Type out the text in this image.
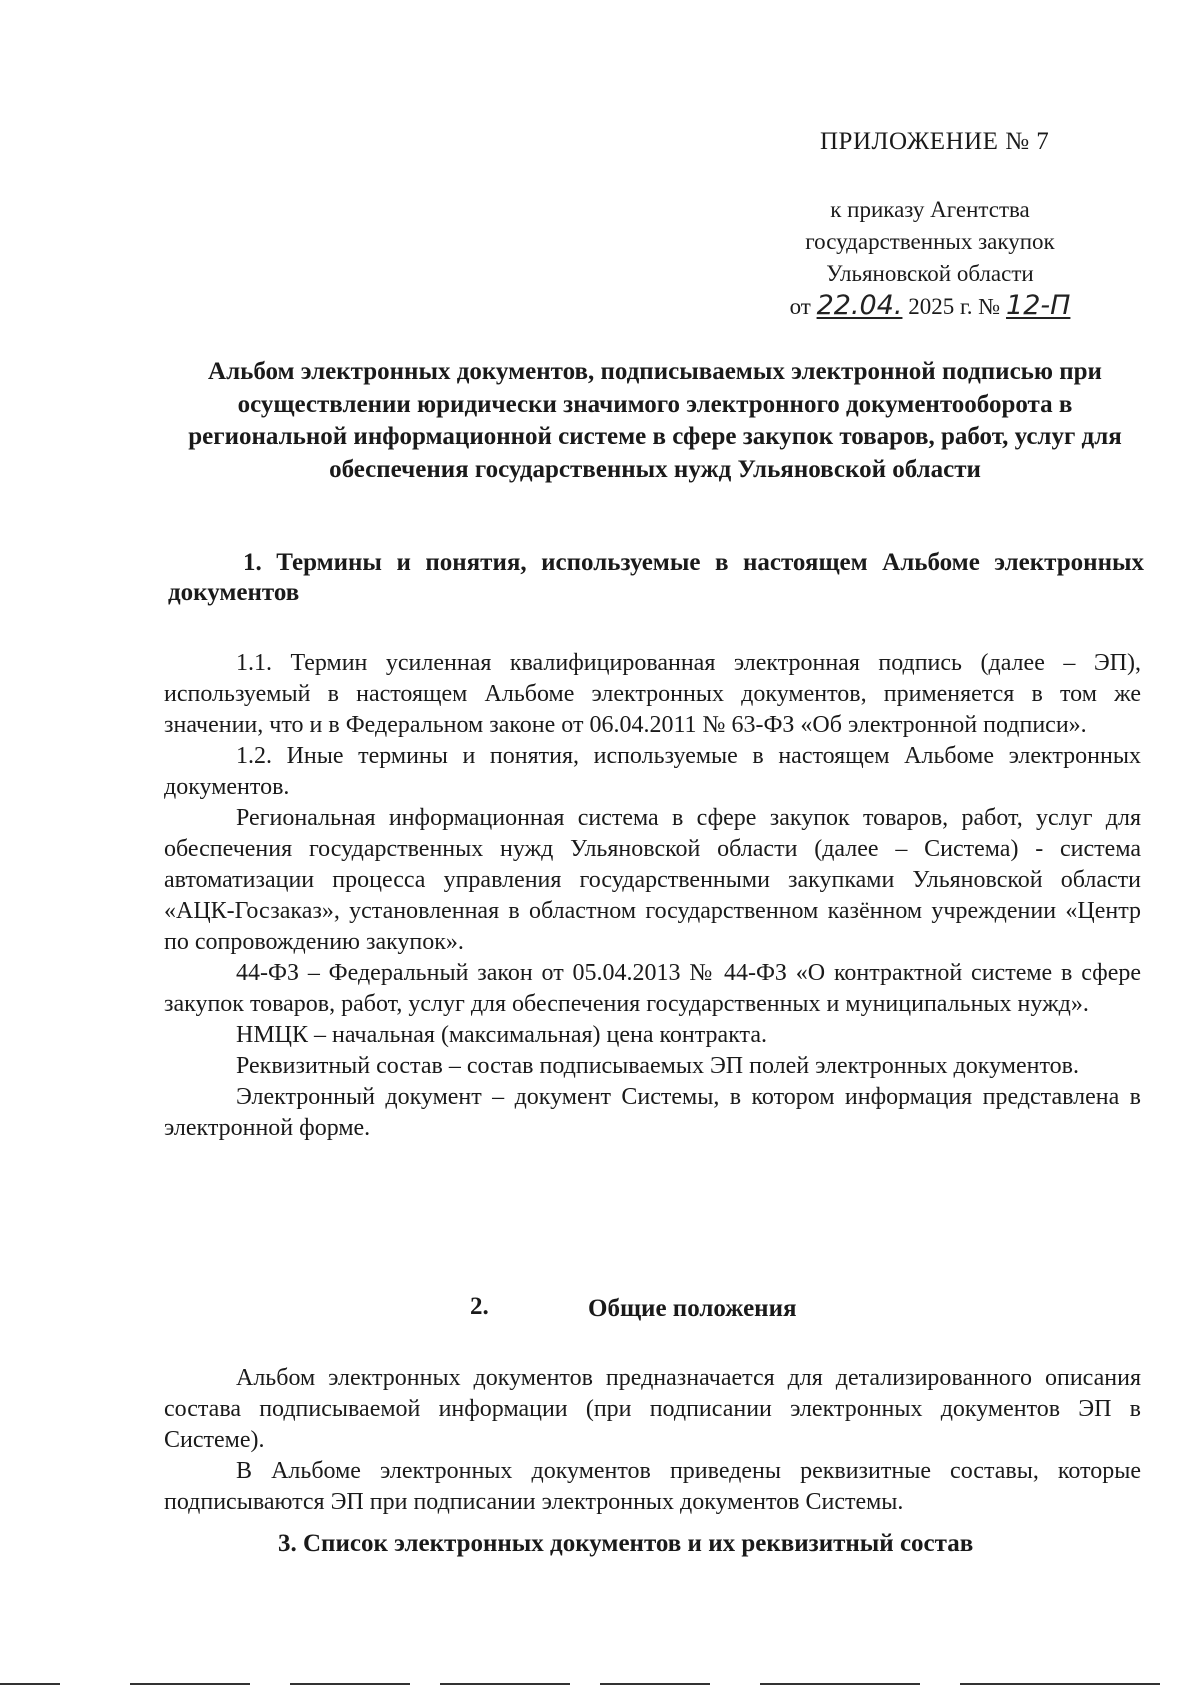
ПРИЛОЖЕНИЕ № 7
к приказу Агентства
государственных закупок
Ульяновской области
от 22.04. 2025 г. № 12-П
Альбом электронных документов, подписываемых электронной подписью при осуществлении юридически значимого электронного документооборота в региональной информационной системе в сфере закупок товаров, работ, услуг для обеспечения государственных нужд Ульяновской области
1. Термины и понятия, используемые в настоящем Альбоме электронных документов

1.1. Термин усиленная квалифицированная электронная подпись (далее – ЭП), используемый в настоящем Альбоме электронных документов, применяется в том же значении, что и в Федеральном законе от 06.04.2011 № 63-ФЗ «Об электронной подписи».

1.2. Иные термины и понятия, используемые в настоящем Альбоме электронных документов.

Региональная информационная система в сфере закупок товаров, работ, услуг для обеспечения государственных нужд Ульяновской области (далее – Система) - система автоматизации процесса управления государственными закупками Ульяновской области «АЦК-Госзаказ», установленная в областном государственном казённом учреждении «Центр по сопровождению закупок».

44-ФЗ – Федеральный закон от 05.04.2013 № 44-ФЗ «О контрактной системе в сфере закупок товаров, работ, услуг для обеспечения государственных и муниципальных нужд».

НМЦК – начальная (максимальная) цена контракта.

Реквизитный состав – состав подписываемых ЭП полей электронных документов.

Электронный документ – документ Системы, в котором информация представлена в электронной форме.

2.	Общие положения

Альбом электронных документов предназначается для детализированного описания состава подписываемой информации (при подписании электронных документов ЭП в Системе).

В Альбоме электронных документов приведены реквизитные составы, которые подписываются ЭП при подписании электронных документов Системы.

3. Список электронных документов и их реквизитный состав
